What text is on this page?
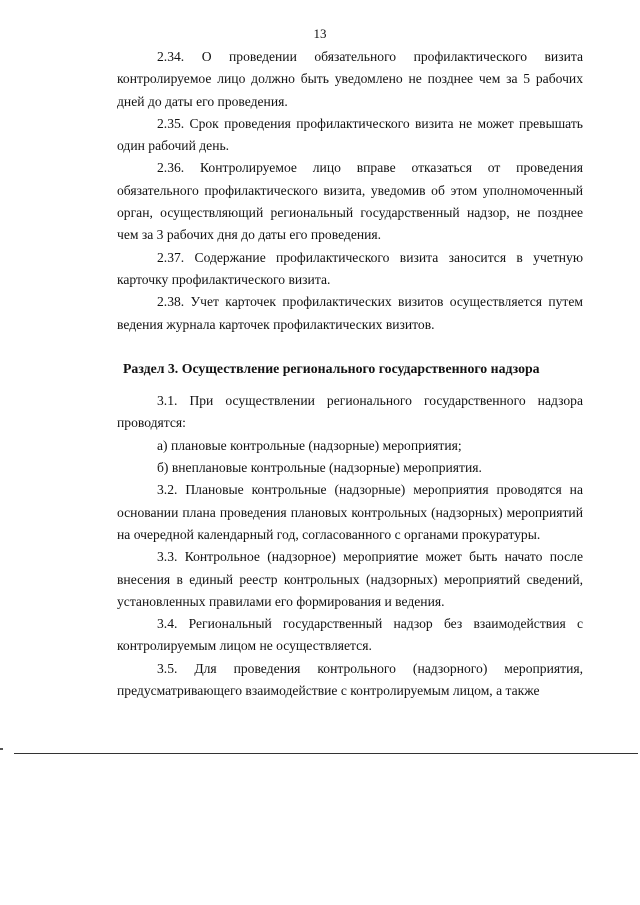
13

2.34. О проведении обязательного профилактического визита контролируемое лицо должно быть уведомлено не позднее чем за 5 рабочих дней до даты его проведения.

2.35. Срок проведения профилактического визита не может превышать один рабочий день.

2.36. Контролируемое лицо вправе отказаться от проведения обязательного профилактического визита, уведомив об этом уполномоченный орган, осуществляющий региональный государственный надзор, не позднее чем за 3 рабочих дня до даты его проведения.

2.37. Содержание профилактического визита заносится в учетную карточку профилактического визита.

2.38. Учет карточек профилактических визитов осуществляется путем ведения журнала карточек профилактических визитов.

Раздел 3. Осуществление регионального государственного надзора

3.1. При осуществлении регионального государственного надзора проводятся:

а) плановые контрольные (надзорные) мероприятия;

б) внеплановые контрольные (надзорные) мероприятия.

3.2. Плановые контрольные (надзорные) мероприятия проводятся на основании плана проведения плановых контрольных (надзорных) мероприятий на очередной календарный год, согласованного с органами прокуратуры.

3.3. Контрольное (надзорное) мероприятие может быть начато после внесения в единый реестр контрольных (надзорных) мероприятий сведений, установленных правилами его формирования и ведения.

3.4. Региональный государственный надзор без взаимодействия с контролируемым лицом не осуществляется.

3.5. Для проведения контрольного (надзорного) мероприятия, предусматривающего взаимодействие с контролируемым лицом, а также
